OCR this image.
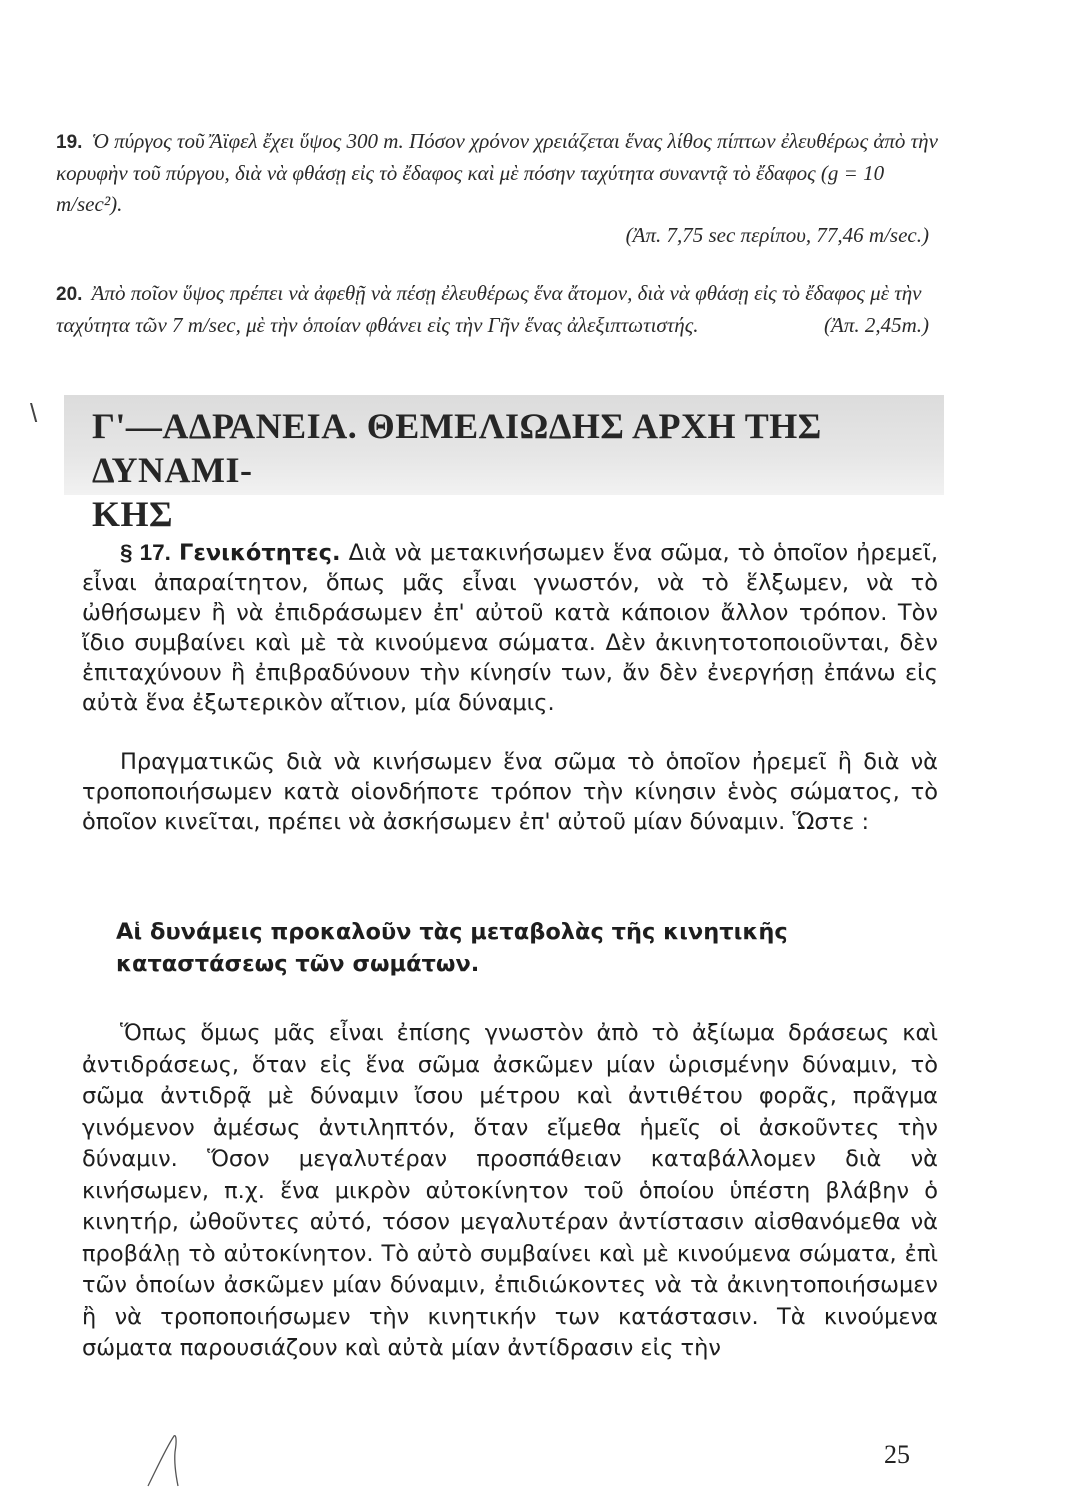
19. Ὁ πύργος τοῦ Ἄϊφελ ἔχει ὕψος 300 m. Πόσον χρόνον χρειάζεται ἕνας λίθος πίπτων ἐλευθέρως ἀπὸ τὴν κορυφὴν τοῦ πύργου, διὰ νὰ φθάσῃ εἰς τὸ ἔδαφος καὶ μὲ πόσην ταχύτητα συναντᾷ τὸ ἔδαφος (g = 10 m/sec²).
(Ἀπ. 7,75 sec περίπου, 77,46 m/sec.)
20. Ἀπὸ ποῖον ὕψος πρέπει νὰ ἀφεθῇ νὰ πέσῃ ἐλευθέρως ἕνα ἄτομον, διὰ νὰ φθάσῃ εἰς τὸ ἔδαφος μὲ τὴν ταχύτητα τῶν 7 m/sec, μὲ τὴν ὁποίαν φθάνει εἰς τὴν Γῆν ἕνας ἀλεξιπτωτιστής.	(Ἀπ. 2,45m.)
\ Γ'—ΑΔΡΑΝΕΙΑ. ΘΕΜΕΛΙΩΔΗΣ ΑΡΧΗ ΤΗΣ ΔΥΝΑΜΙ-
ΚΗΣ

§ 17. Γενικότητες. Διὰ νὰ μετακινήσωμεν ἕνα σῶμα, τὸ ὁποῖον ἠρεμεῖ, εἶναι ἀπαραίτητον, ὅπως μᾶς εἶναι γνωστόν, νὰ τὸ ἕλξωμεν, νὰ τὸ ὠθήσωμεν ἢ νὰ ἐπιδράσωμεν ἐπ' αὐτοῦ κατὰ κάποιον ἄλλον τρόπον. Τὸν ἴδιο συμβαίνει καὶ μὲ τὰ κινούμενα σώματα. Δὲν ἀκινητοτοποιοῦνται, δὲν ἐπιταχύνουν ἢ ἐπιβραδύνουν τὴν κίνησίν των, ἄν δὲν ἐνεργήσῃ ἐπάνω εἰς αὐτὰ ἕνα ἐξωτερικὸν αἴτιον, μία δύναμις.

Πραγματικῶς διὰ νὰ κινήσωμεν ἕνα σῶμα τὸ ὁποῖον ἠρεμεῖ ἢ διὰ νὰ τροποποιήσωμεν κατὰ οἱονδήποτε τρόπον τὴν κίνησιν ἑνὸς σώματος, τὸ ὁποῖον κινεῖται, πρέπει νὰ ἀσκήσωμεν ἐπ' αὐτοῦ μίαν δύναμιν. Ὥστε :

Αἱ δυνάμεις προκαλοῦν τὰς μεταβολὰς τῆς κινητικῆς καταστάσεως τῶν σωμάτων.

Ὅπως ὅμως μᾶς εἶναι ἐπίσης γνωστὸν ἀπὸ τὸ ἀξίωμα δράσεως καὶ ἀντιδράσεως, ὅταν εἰς ἕνα σῶμα ἀσκῶμεν μίαν ὡρισμένην δύναμιν, τὸ σῶμα ἀντιδρᾷ μὲ δύναμιν ἴσου μέτρου καὶ ἀντιθέτου φορᾶς, πρᾶγμα γινόμενον ἀμέσως ἀντιληπτόν, ὅταν εἴμεθα ἡμεῖς οἱ ἀσκοῦντες τὴν δύναμιν. Ὅσον μεγαλυτέραν προσπάθειαν καταβάλλομεν διὰ νὰ κινήσωμεν, π.χ. ἕνα μικρὸν αὐτοκίνητον τοῦ ὁποίου ὑπέστη βλάβην ὁ κινητήρ, ὠθοῦντες αὐτό, τόσον μεγαλυτέραν ἀντίστασιν αἰσθανόμεθα νὰ προβάλῃ τὸ αὐτοκίνητον. Τὸ αὐτὸ συμβαίνει καὶ μὲ κινούμενα σώματα, ἐπὶ τῶν ὁποίων ἀσκῶμεν μίαν δύναμιν, ἐπιδιώκοντες νὰ τὰ ἀκινητοποιήσωμεν ἢ νὰ τροποποιήσωμεν τὴν κινητικήν των κατάστασιν. Τὰ κινούμενα σώματα παρουσιάζουν καὶ αὐτὰ μίαν ἀντίδρασιν εἰς τὴν

25
